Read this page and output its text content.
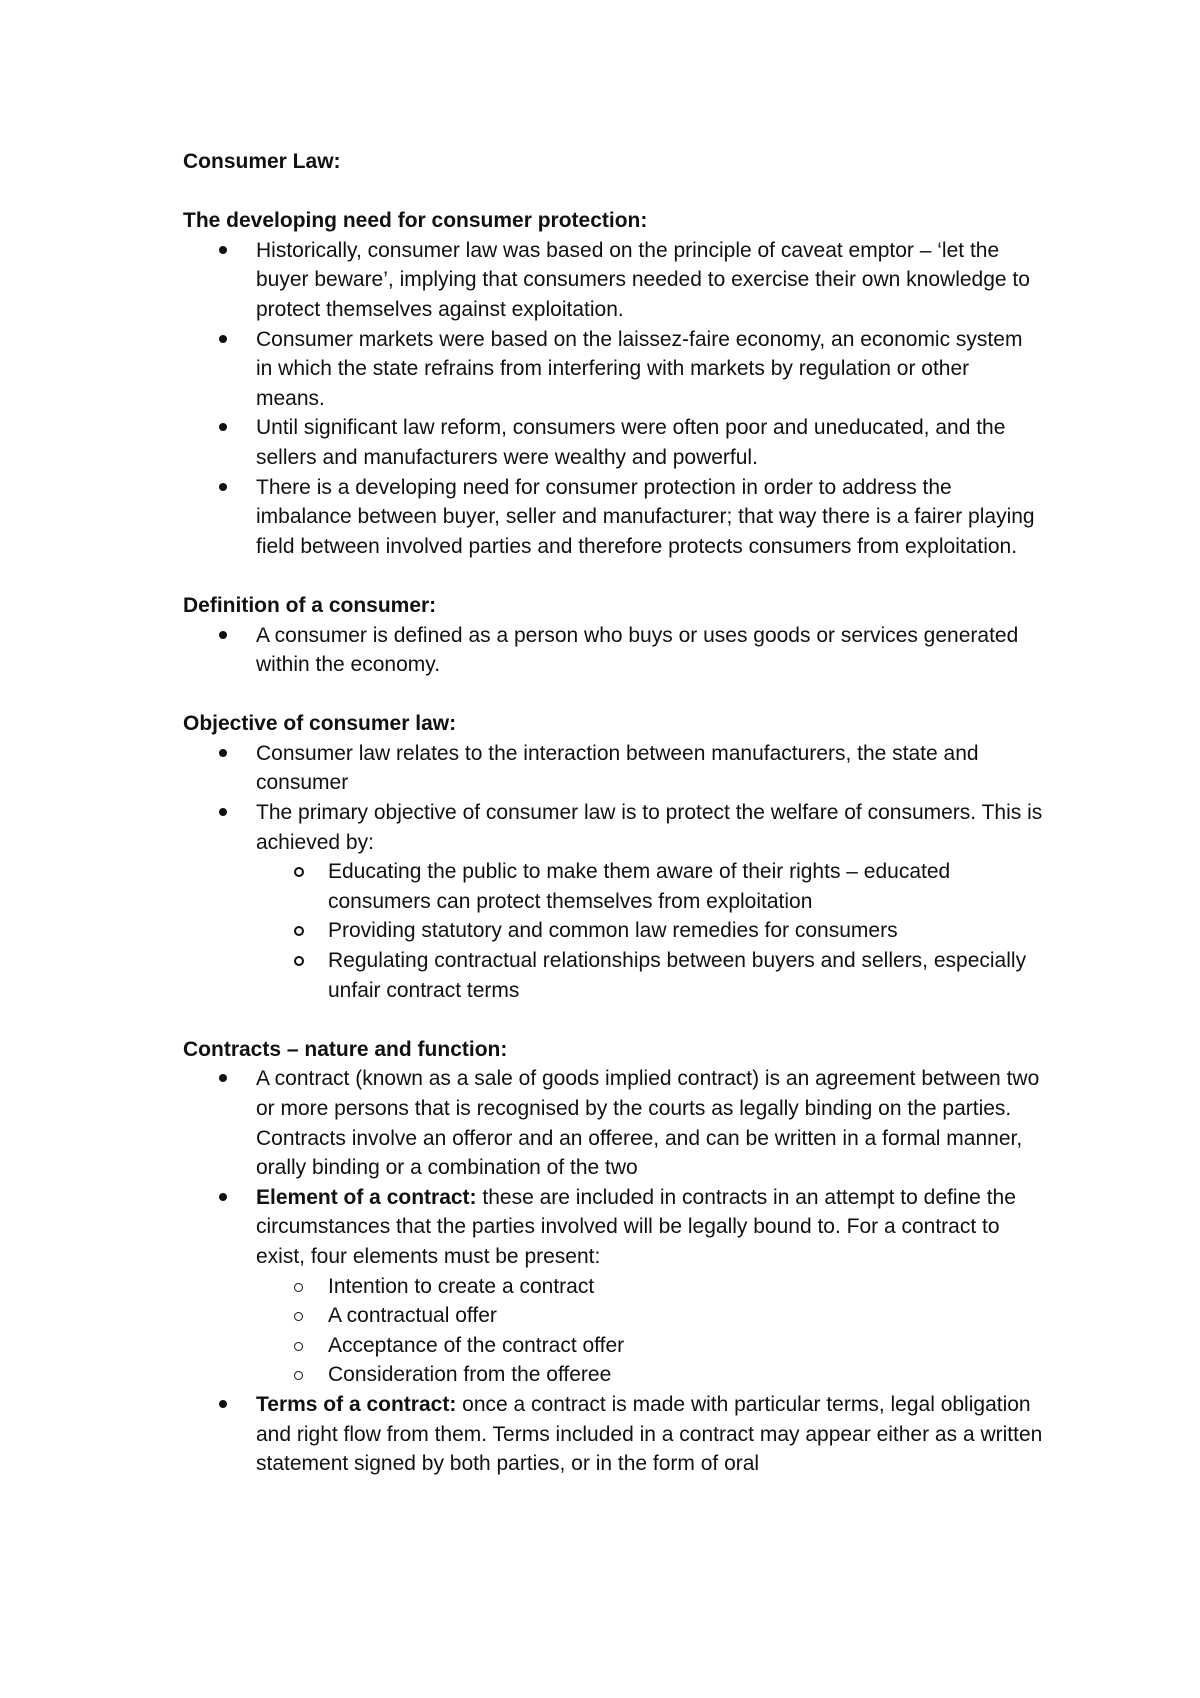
Consumer Law:
The developing need for consumer protection:
Historically, consumer law was based on the principle of caveat emptor – ‘let the buyer beware’, implying that consumers needed to exercise their own knowledge to protect themselves against exploitation.
Consumer markets were based on the laissez-faire economy, an economic system in which the state refrains from interfering with markets by regulation or other means.
Until significant law reform, consumers were often poor and uneducated, and the sellers and manufacturers were wealthy and powerful.
There is a developing need for consumer protection in order to address the imbalance between buyer, seller and manufacturer; that way there is a fairer playing field between involved parties and therefore protects consumers from exploitation.
Definition of a consumer:
A consumer is defined as a person who buys or uses goods or services generated within the economy.
Objective of consumer law:
Consumer law relates to the interaction between manufacturers, the state and consumer
The primary objective of consumer law is to protect the welfare of consumers. This is achieved by:
Educating the public to make them aware of their rights – educated consumers can protect themselves from exploitation
Providing statutory and common law remedies for consumers
Regulating contractual relationships between buyers and sellers, especially unfair contract terms
Contracts – nature and function:
A contract (known as a sale of goods implied contract) is an agreement between two or more persons that is recognised by the courts as legally binding on the parties. Contracts involve an offeror and an offeree, and can be written in a formal manner, orally binding or a combination of the two
Element of a contract: these are included in contracts in an attempt to define the circumstances that the parties involved will be legally bound to. For a contract to exist, four elements must be present:
Intention to create a contract
A contractual offer
Acceptance of the contract offer
Consideration from the offeree
Terms of a contract: once a contract is made with particular terms, legal obligation and right flow from them. Terms included in a contract may appear either as a written statement signed by both parties, or in the form of oral
